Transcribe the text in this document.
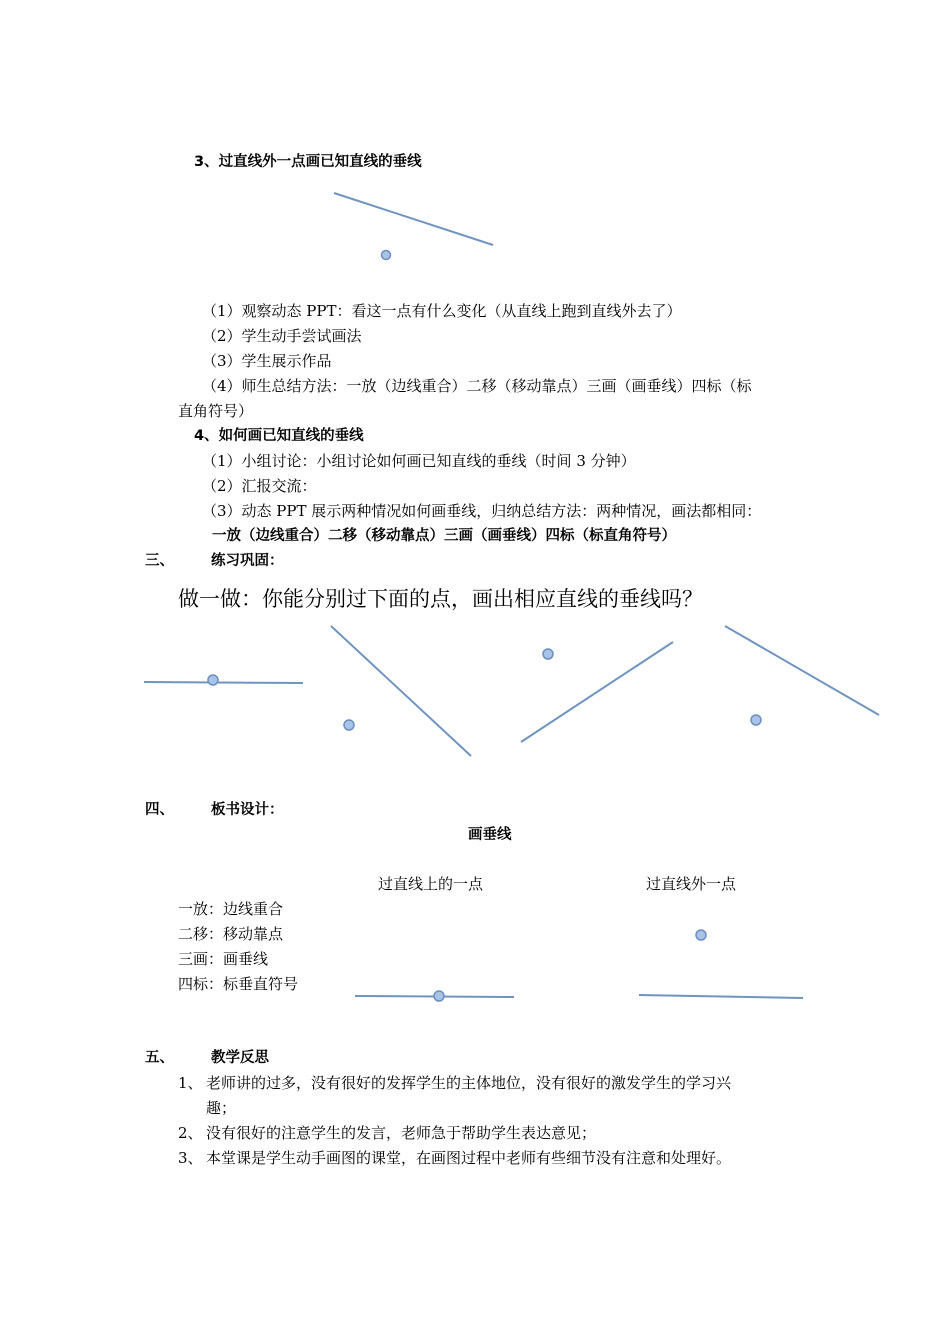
3、过直线外一点画已知直线的垂线
（1）观察动态 PPT：看这一点有什么变化（从直线上跑到直线外去了）
（2）学生动手尝试画法
（3）学生展示作品
（4）师生总结方法：一放（边线重合）二移（移动靠点）三画（画垂线）四标（标
直角符号）
4、如何画已知直线的垂线
（1）小组讨论：小组讨论如何画已知直线的垂线（时间 3 分钟）
（2）汇报交流：
（3）动态 PPT 展示两种情况如何画垂线，归纳总结方法：两种情况，画法都相同：
一放（边线重合）二移（移动靠点）三画（画垂线）四标（标直角符号）
三、	练习巩固：
做一做：你能分别过下面的点，画出相应直线的垂线吗？
四、	板书设计：
画垂线
过直线上的一点	过直线外一点
一放：边线重合
二移：移动靠点
三画：画垂线
四标：标垂直符号
五、	教学反思
1、 老师讲的过多，没有很好的发挥学生的主体地位，没有很好的激发学生的学习兴
趣；
2、 没有很好的注意学生的发言，老师急于帮助学生表达意见；
3、 本堂课是学生动手画图的课堂，在画图过程中老师有些细节没有注意和处理好。
